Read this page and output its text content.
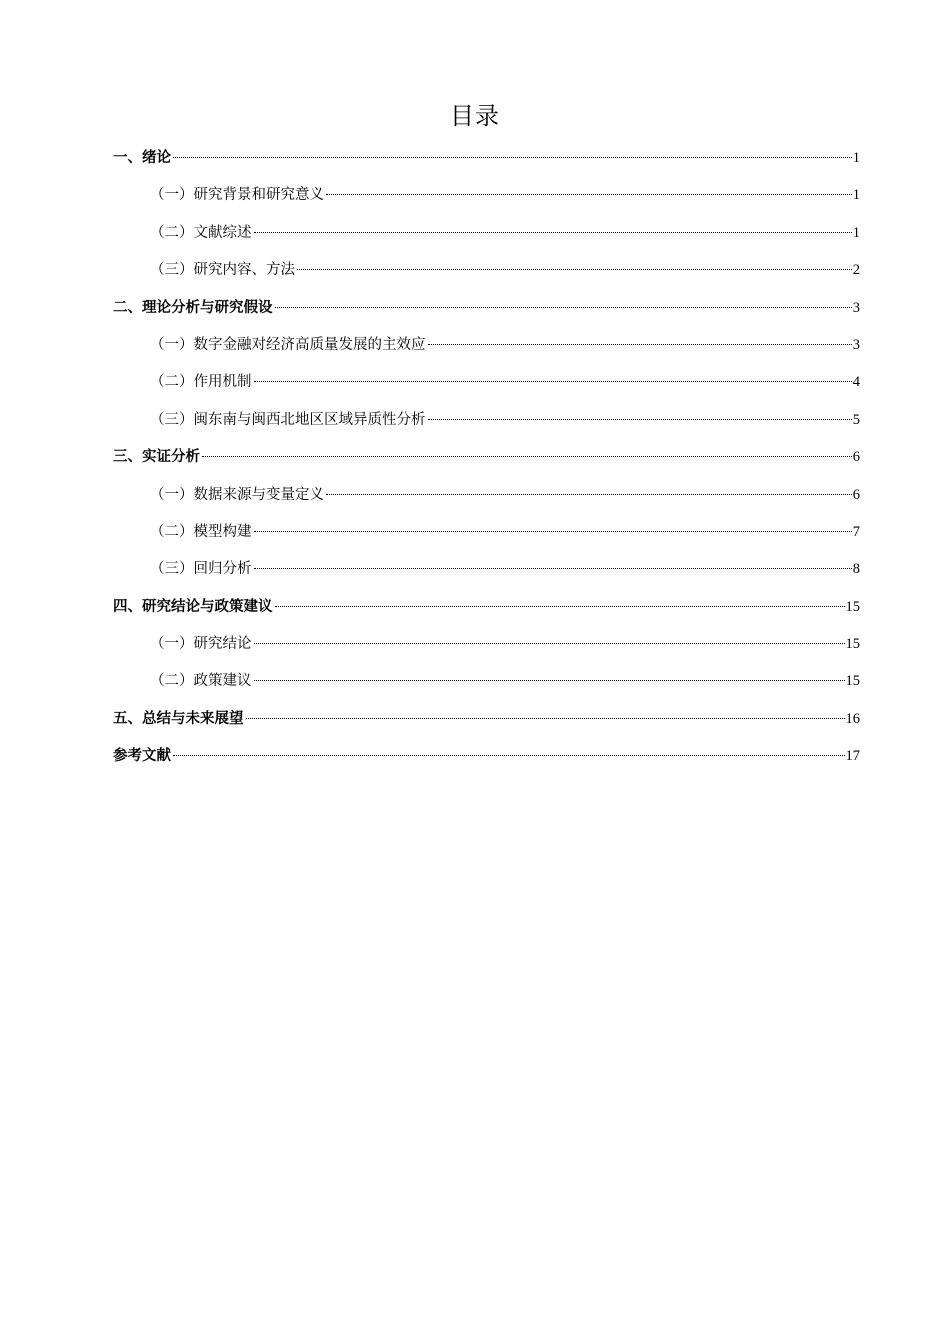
目录
一、绪论	1
（一）研究背景和研究意义	1
（二）文献综述	1
（三）研究内容、方法	2
二、理论分析与研究假设	3
（一）数字金融对经济高质量发展的主效应	3
（二）作用机制	4
（三）闽东南与闽西北地区区域异质性分析	5
三、实证分析	6
（一）数据来源与变量定义	6
（二）模型构建	7
（三）回归分析	8
四、研究结论与政策建议	15
（一）研究结论	15
（二）政策建议	15
五、总结与未来展望	16
参考文献	17
